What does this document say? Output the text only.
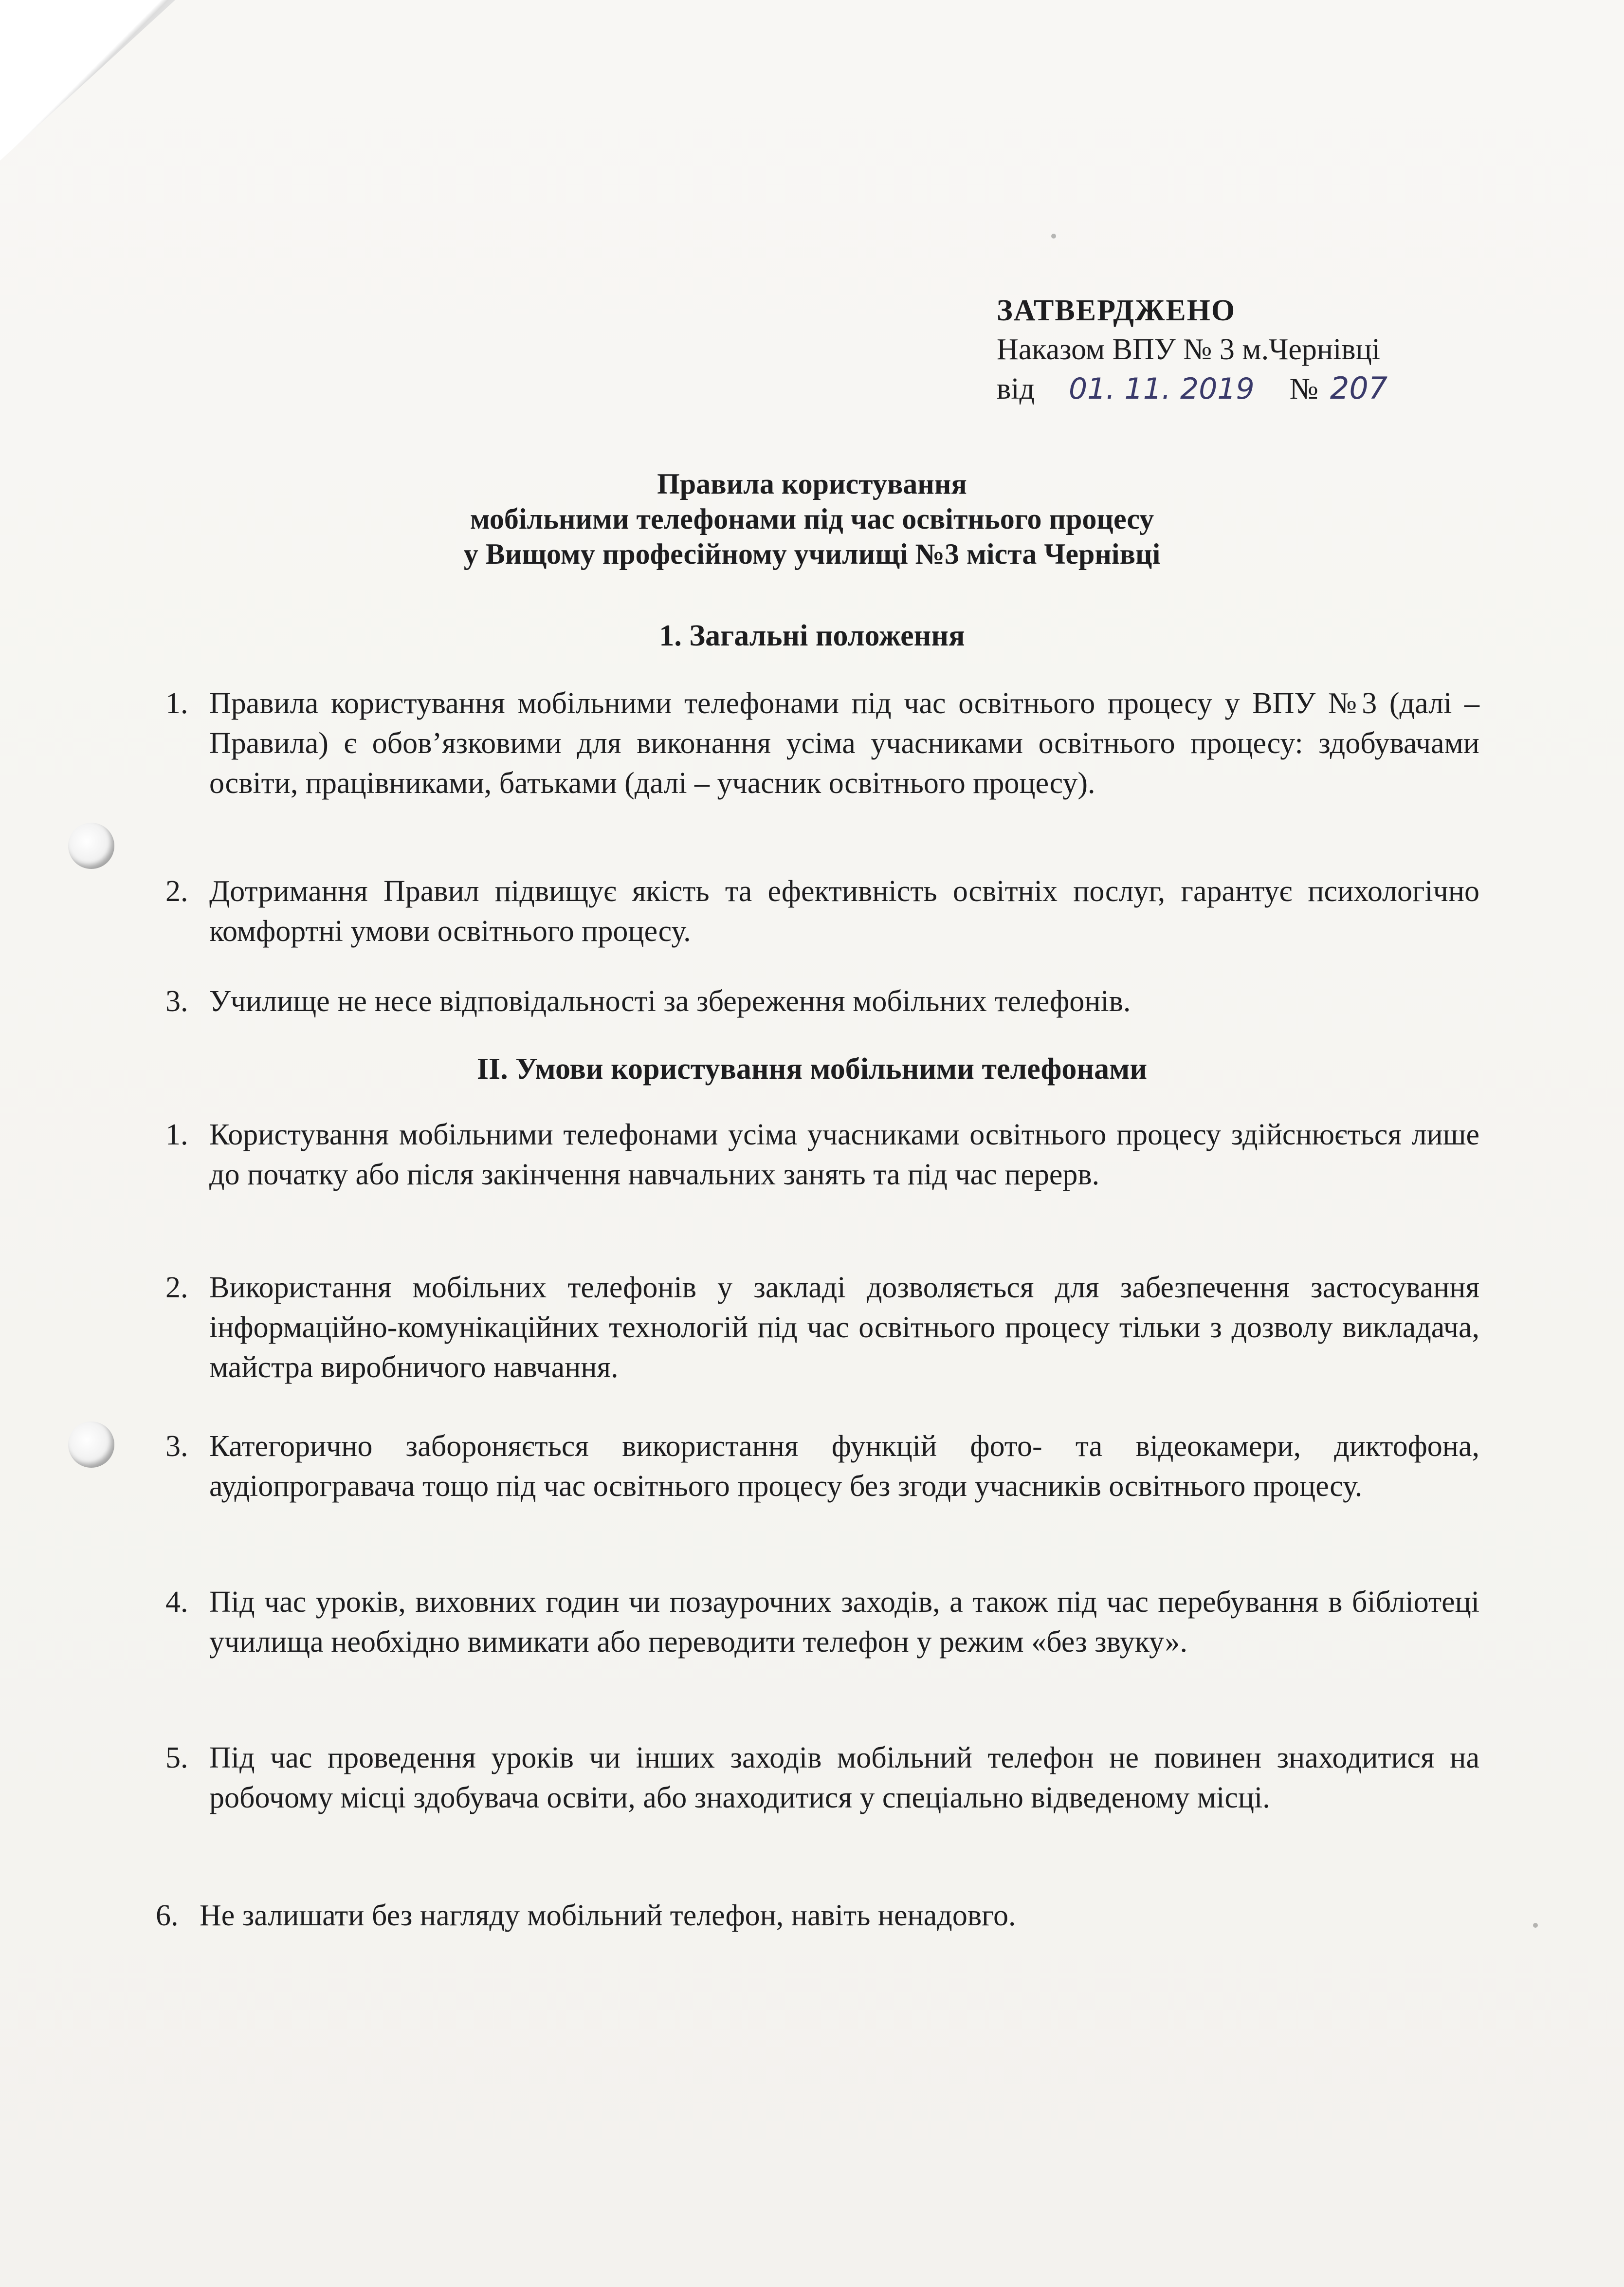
ЗАТВЕРДЖЕНО
Наказом ВПУ № 3 м.Чернівці
від 01. 11. 2019 № 207
Правила користування
мобільними телефонами під час освітнього процесу
у Вищому професійному училищі №3 міста Чернівці
1. Загальні положення
1. Правила користування мобільними телефонами під час освітнього процесу у ВПУ №3 (далі – Правила) є обов’язковими для виконання усіма учасниками освітнього процесу: здобувачами освіти, працівниками, батьками (далі – учасник освітнього процесу).
2. Дотримання Правил підвищує якість та ефективність освітніх послуг, гарантує психологічно комфортні умови освітнього процесу.
3. Училище не несе відповідальності за збереження мобільних телефонів.
ІІ. Умови користування мобільними телефонами
1. Користування мобільними телефонами усіма учасниками освітнього процесу здійснюється лише до початку або після закінчення навчальних занять та під час перерв.
2. Використання мобільних телефонів у закладі дозволяється для забезпечення застосування інформаційно-комунікаційних технологій під час освітнього процесу тільки з дозволу викладача, майстра виробничого навчання.
3. Категорично забороняється використання функцій фото- та відеокамери, диктофона, аудіопрогравача тощо під час освітнього процесу без згоди учасників освітнього процесу.
4. Під час уроків, виховних годин чи позаурочних заходів, а також під час перебування в бібліотеці училища необхідно вимикати або переводити телефон у режим «без звуку».
5. Під час проведення уроків чи інших заходів мобільний телефон не повинен знаходитися на робочому місці здобувача освіти, або знаходитися у спеціально відведеному місці.
6. Не залишати без нагляду мобільний телефон, навіть ненадовго.
